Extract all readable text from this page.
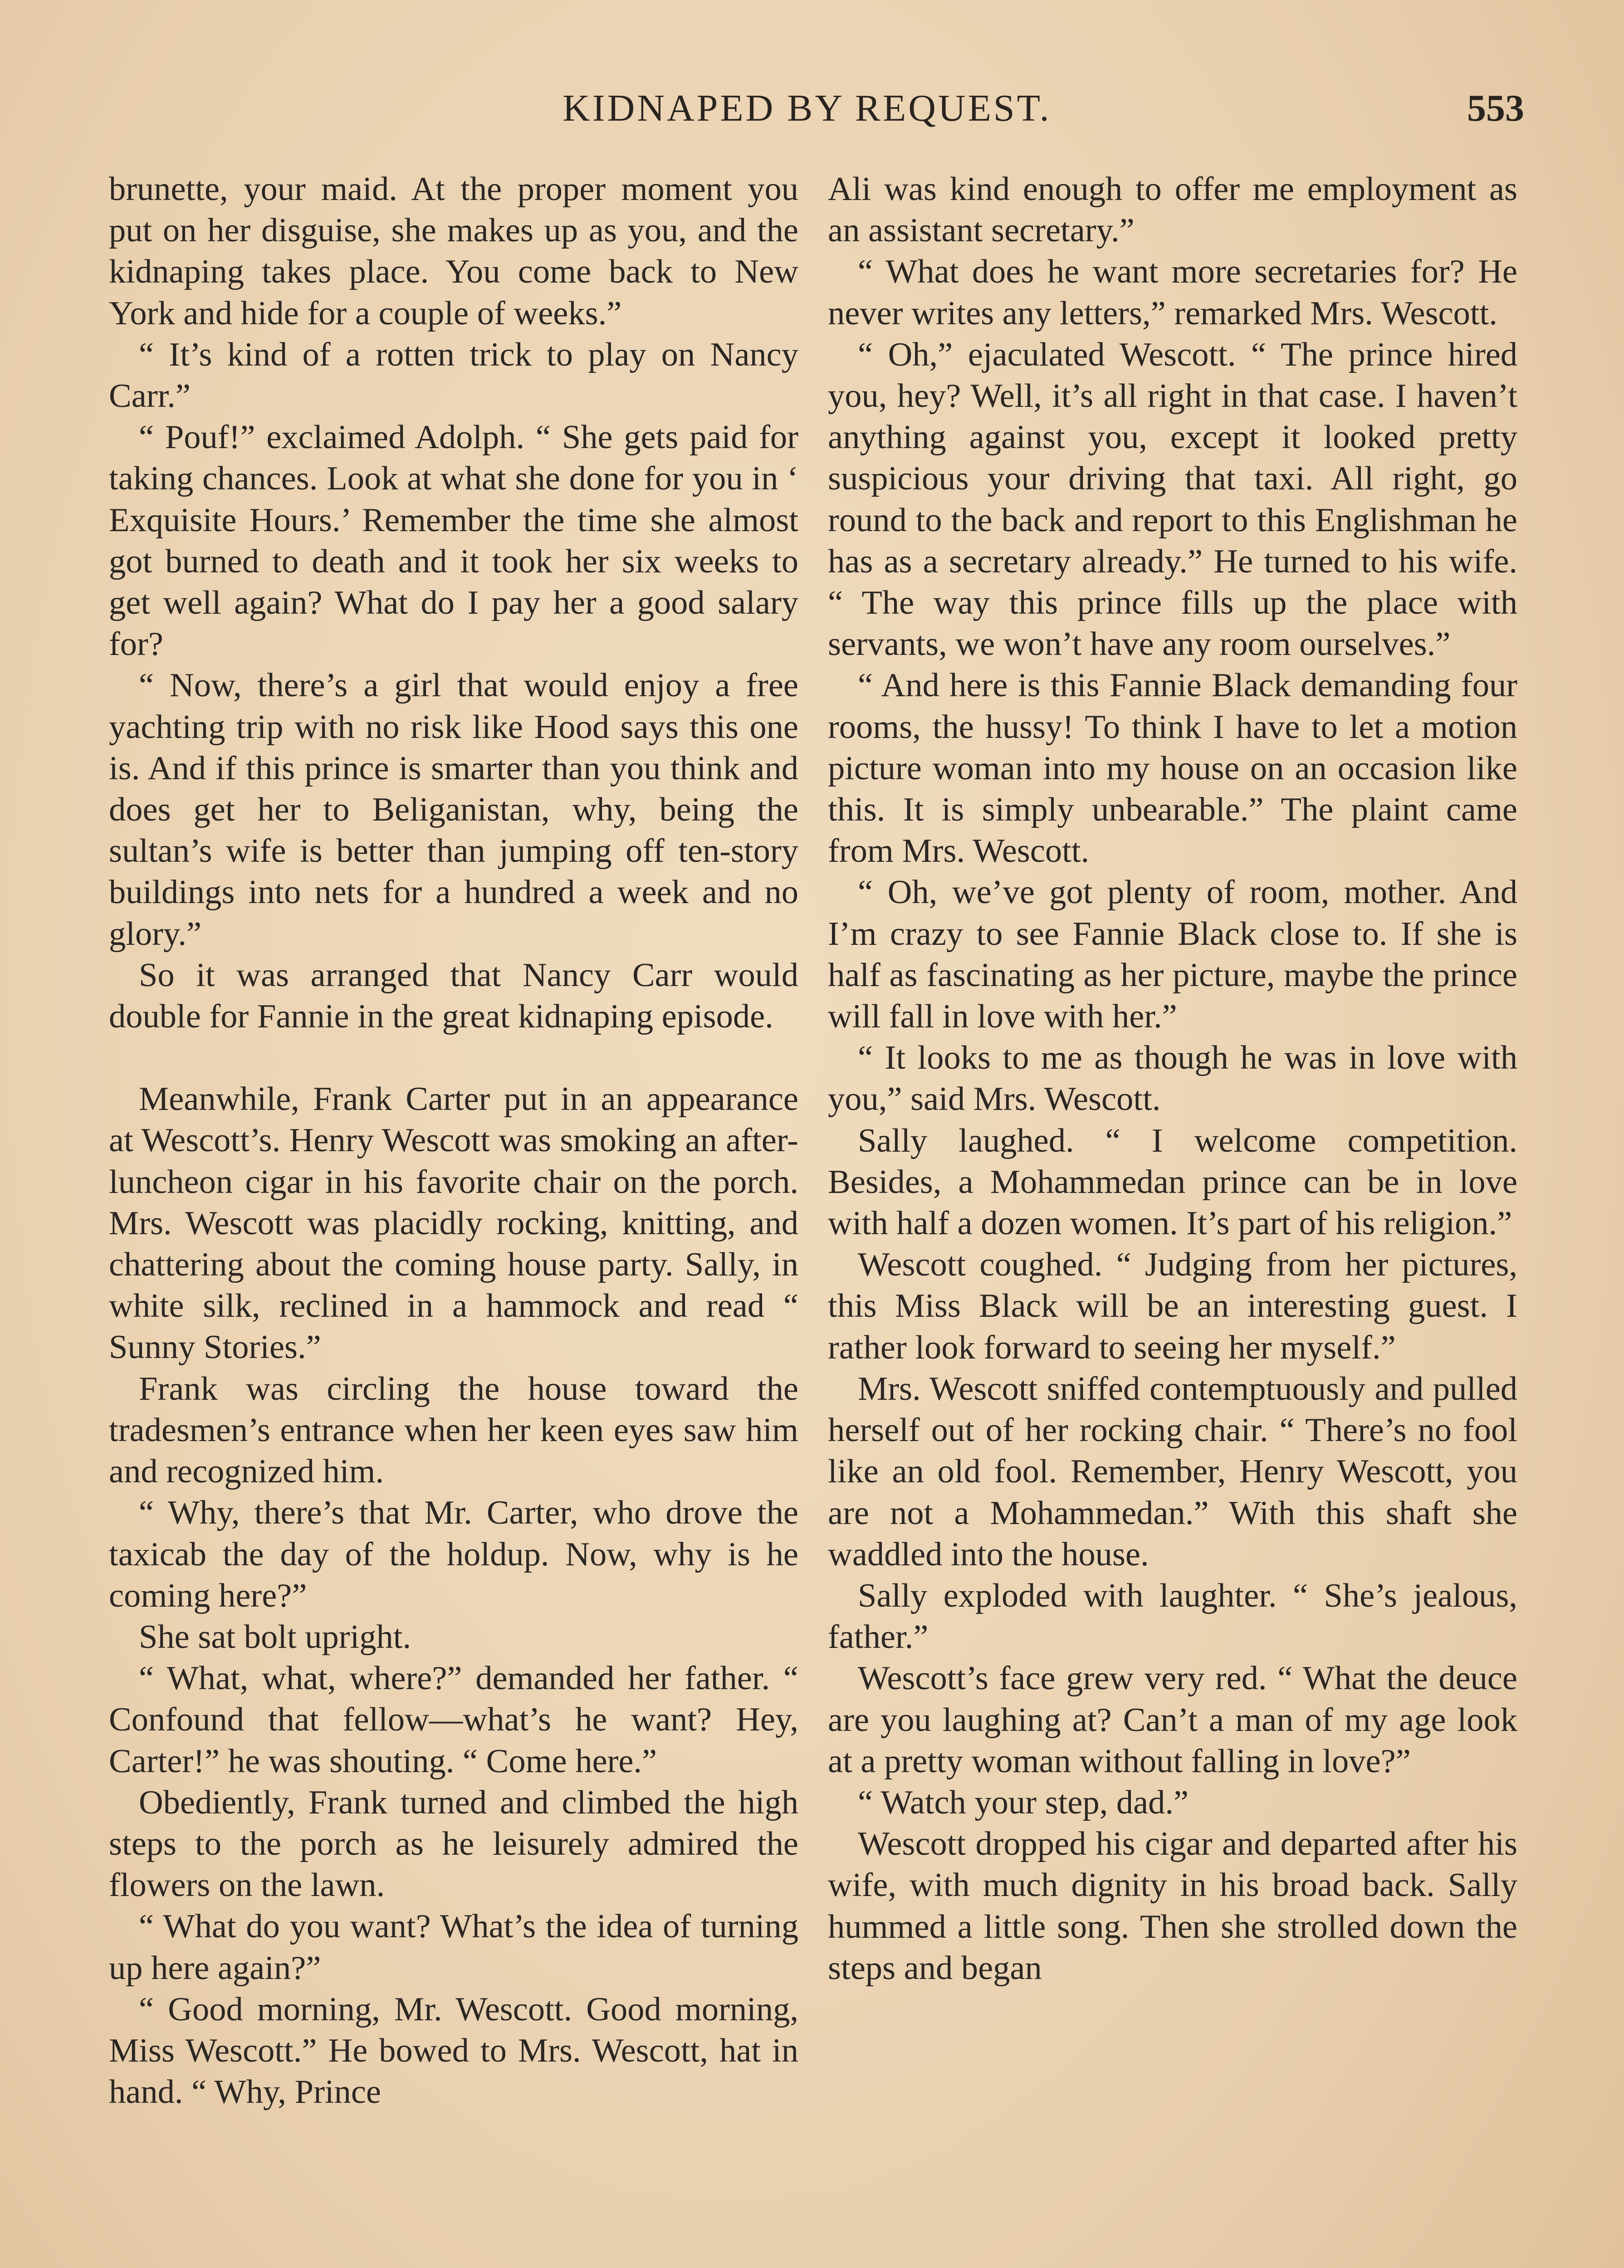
KIDNAPED BY REQUEST.	553

brunette, your maid. At the proper moment you put on her disguise, she makes up as you, and the kidnaping takes place. You come back to New York and hide for a couple of weeks.”

“ It’s kind of a rotten trick to play on Nancy Carr.”

“ Pouf!” exclaimed Adolph. “ She gets paid for taking chances. Look at what she done for you in ‘ Exquisite Hours.’ Remember the time she almost got burned to death and it took her six weeks to get well again? What do I pay her a good salary for?

“ Now, there’s a girl that would enjoy a free yachting trip with no risk like Hood says this one is. And if this prince is smarter than you think and does get her to Beliganistan, why, being the sultan’s wife is better than jumping off ten-story buildings into nets for a hundred a week and no glory.”

So it was arranged that Nancy Carr would double for Fannie in the great kidnaping episode.

Meanwhile, Frank Carter put in an appearance at Wescott’s. Henry Wescott was smoking an after-luncheon cigar in his favorite chair on the porch. Mrs. Wescott was placidly rocking, knitting, and chattering about the coming house party. Sally, in white silk, reclined in a hammock and read “ Sunny Stories.”

Frank was circling the house toward the tradesmen’s entrance when her keen eyes saw him and recognized him.

“ Why, there’s that Mr. Carter, who drove the taxicab the day of the holdup. Now, why is he coming here?”

She sat bolt upright.

“ What, what, where?” demanded her father. “ Confound that fellow—what’s he want? Hey, Carter!” he was shouting. “ Come here.”

Obediently, Frank turned and climbed the high steps to the porch as he leisurely admired the flowers on the lawn.

“ What do you want? What’s the idea of turning up here again?”

“ Good morning, Mr. Wescott. Good morning, Miss Wescott.” He bowed to Mrs. Wescott, hat in hand. “ Why, Prince

Ali was kind enough to offer me employment as an assistant secretary.”

“ What does he want more secretaries for? He never writes any letters,” remarked Mrs. Wescott.

“ Oh,” ejaculated Wescott. “ The prince hired you, hey? Well, it’s all right in that case. I haven’t anything against you, except it looked pretty suspicious your driving that taxi. All right, go round to the back and report to this Englishman he has as a secretary already.” He turned to his wife. “ The way this prince fills up the place with servants, we won’t have any room ourselves.”

“ And here is this Fannie Black demanding four rooms, the hussy! To think I have to let a motion picture woman into my house on an occasion like this. It is simply unbearable.” The plaint came from Mrs. Wescott.

“ Oh, we’ve got plenty of room, mother. And I’m crazy to see Fannie Black close to. If she is half as fascinating as her picture, maybe the prince will fall in love with her.”

“ It looks to me as though he was in love with you,” said Mrs. Wescott.

Sally laughed. “ I welcome competition. Besides, a Mohammedan prince can be in love with half a dozen women. It’s part of his religion.”

Wescott coughed. “ Judging from her pictures, this Miss Black will be an interesting guest. I rather look forward to seeing her myself.”

Mrs. Wescott sniffed contemptuously and pulled herself out of her rocking chair. “ There’s no fool like an old fool. Remember, Henry Wescott, you are not a Mohammedan.” With this shaft she waddled into the house.

Sally exploded with laughter. “ She’s jealous, father.”

Wescott’s face grew very red. “ What the deuce are you laughing at? Can’t a man of my age look at a pretty woman without falling in love?”

“ Watch your step, dad.”

Wescott dropped his cigar and departed after his wife, with much dignity in his broad back. Sally hummed a little song. Then she strolled down the steps and began
